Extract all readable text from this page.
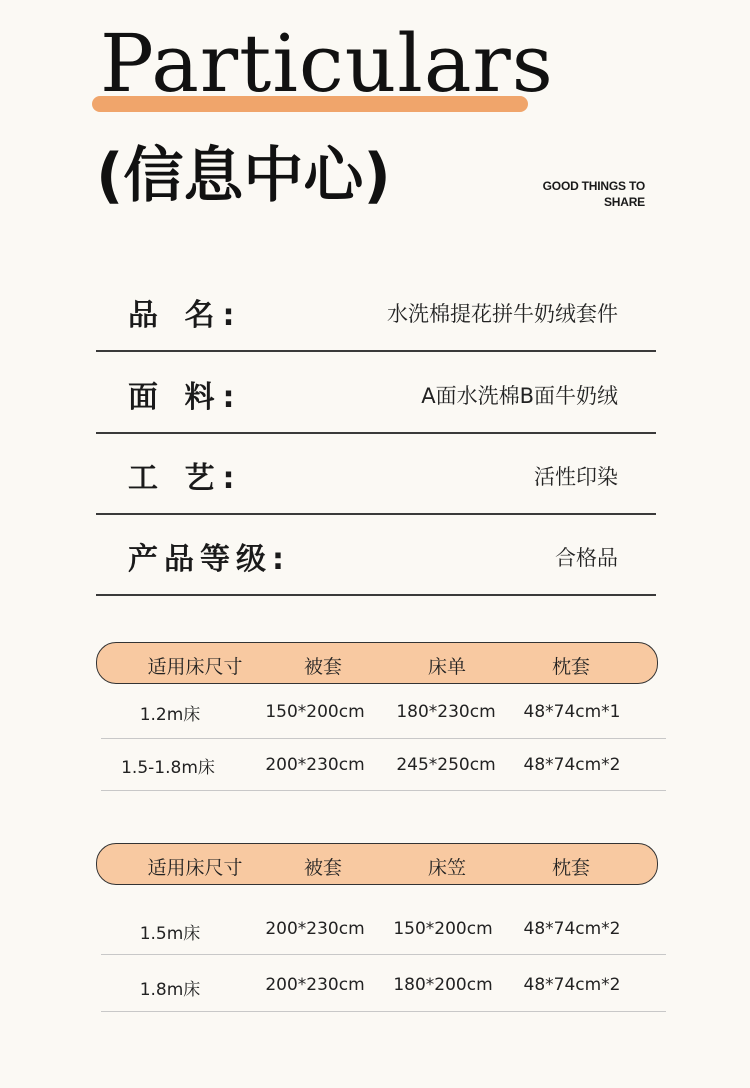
Particulars
(信息中心)	GOOD THINGS TO
SHARE
品 名:	水洗棉提花拼牛奶绒套件
面 料:	A面水洗棉B面牛奶绒
工 艺:	活性印染
产品等级:	合格品
适用床尺寸	被套	床单	枕套
1.2m床	150*200cm 180*230cm 48*74cm*1
1.5-1.8m床	200*230cm 245*250cm 48*74cm*2
适用床尺寸	被套	床笠	枕套
1.5m床	200*230cm 150*200cm 48*74cm*2
1.8m床	200*230cm 180*200cm 48*74cm*2
